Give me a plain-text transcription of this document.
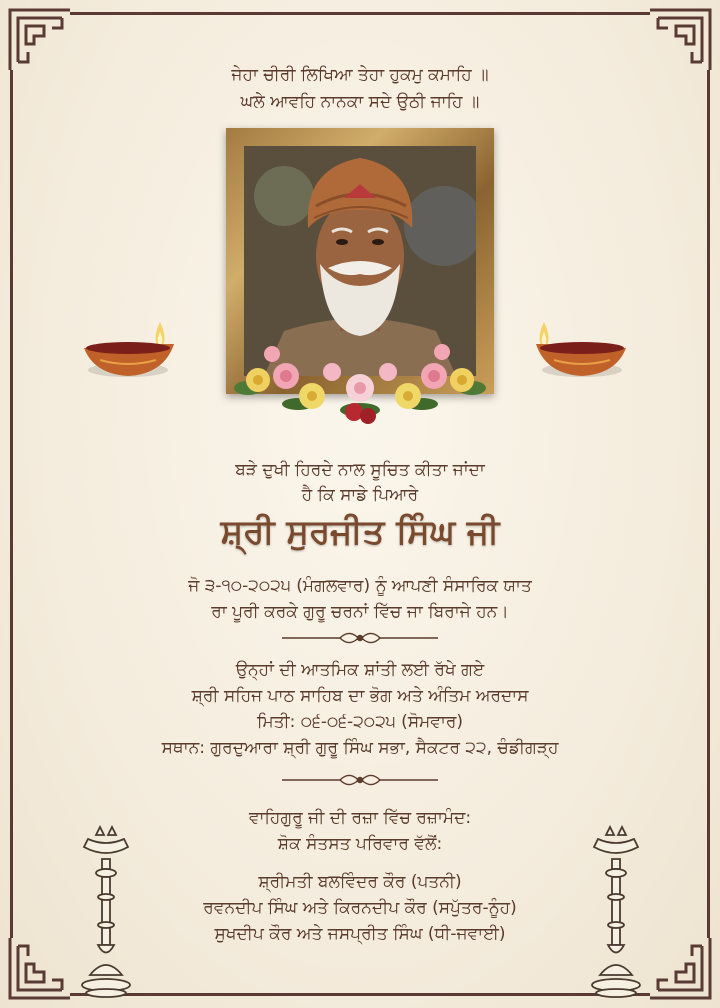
ਜੇਹਾ ਚੀਰੀ ਲਿਖਿਆ ਤੇਹਾ ਹੁਕਮੁ ਕਮਾਹਿ ॥
ਘਲੇ ਆਵਹਿ ਨਾਨਕਾ ਸਦੇ ਉਠੀ ਜਾਹਿ ॥
ਬੜੇ ਦੁਖੀ ਹਿਰਦੇ ਨਾਲ ਸੂਚਿਤ ਕੀਤਾ ਜਾਂਦਾ
ਹੈ ਕਿ ਸਾਡੇ ਪਿਆਰੇ
ਸ਼੍ਰੀ ਸੁਰਜੀਤ ਸਿੰਘ ਜੀ
ਜੋ ੩-੧੦-੨੦੨੫ (ਮੰਗਲਵਾਰ) ਨੂੰ ਆਪਣੀ ਸੰਸਾਰਿਕ ਯਾਤ
ਰਾ ਪੂਰੀ ਕਰਕੇ ਗੁਰੂ ਚਰਨਾਂ ਵਿੱਚ ਜਾ ਬਿਰਾਜੇ ਹਨ।
ਉਨ੍ਹਾਂ ਦੀ ਆਤਮਿਕ ਸ਼ਾਂਤੀ ਲਈ ਰੱਖੇ ਗਏ
ਸ਼੍ਰੀ ਸਹਿਜ ਪਾਠ ਸਾਹਿਬ ਦਾ ਭੋਗ ਅਤੇ ਅੰਤਿਮ ਅਰਦਾਸ
ਮਿਤੀ: ੦੬-੦੬-੨੦੨੫ (ਸੋਮਵਾਰ)
ਸਥਾਨ: ਗੁਰਦੁਆਰਾ ਸ਼੍ਰੀ ਗੁਰੂ ਸਿੰਘ ਸਭਾ, ਸੈਕਟਰ ੨੨, ਚੰਡੀਗੜ੍ਹ
ਵਾਹਿਗੁਰੂ ਜੀ ਦੀ ਰਜ਼ਾ ਵਿੱਚ ਰਜ਼ਾਮੰਦ:
ਸ਼ੋਕ ਸੰਤਸਤ ਪਰਿਵਾਰ ਵੱਲੋਂ:
ਸ਼੍ਰੀਮਤੀ ਬਲਵਿੰਦਰ ਕੌਰ (ਪਤਨੀ)
ਰਵਨਦੀਪ ਸਿੰਘ ਅਤੇ ਕਿਰਨਦੀਪ ਕੌਰ (ਸਪੁੱਤਰ-ਨੂੰਹ)
ਸੁਖਦੀਪ ਕੌਰ ਅਤੇ ਜਸਪ੍ਰੀਤ ਸਿੰਘ (ਧੀ-ਜਵਾਈ)
